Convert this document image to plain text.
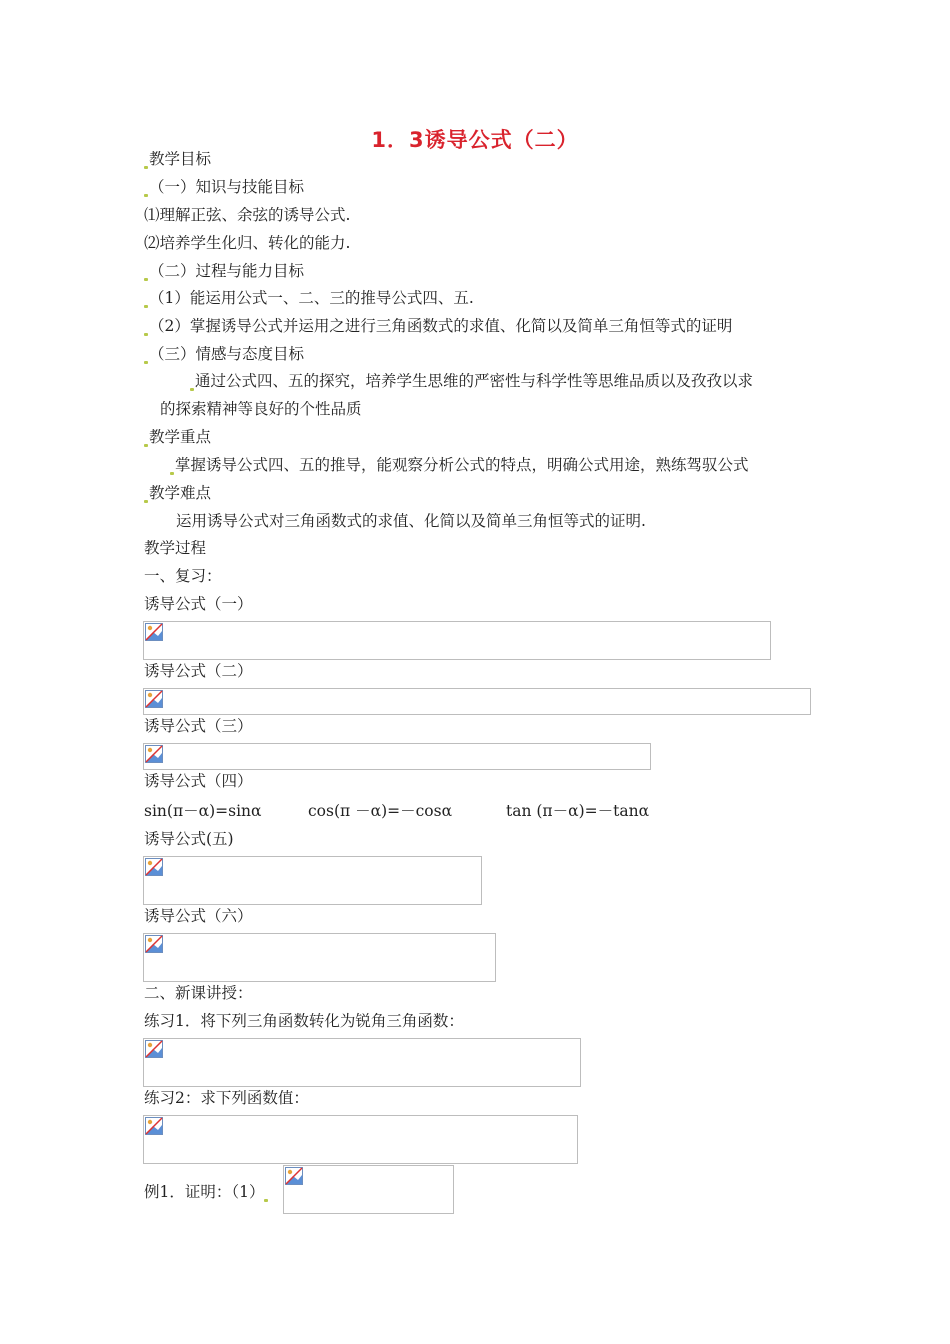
1．3诱导公式（二）
教学目标
（一）知识与技能目标
⑴理解正弦、余弦的诱导公式.
⑵培养学生化归、转化的能力.
（二）过程与能力目标
（1）能运用公式一、二、三的推导公式四、五.
（2）掌握诱导公式并运用之进行三角函数式的求值、化简以及简单三角恒等式的证明
（三）情感与态度目标
通过公式四、五的探究，培养学生思维的严密性与科学性等思维品质以及孜孜以求
的探索精神等良好的个性品质
教学重点
掌握诱导公式四、五的推导，能观察分析公式的特点，明确公式用途，熟练驾驭公式
教学难点
运用诱导公式对三角函数式的求值、化简以及简单三角恒等式的证明.
教学过程
一、复习：
诱导公式（一）
诱导公式（二）
诱导公式（三）
诱导公式（四）
sin(π－α)=sinα	cos(π －α)=－cosα	tan (π－α)=－tanα
诱导公式(五)
诱导公式（六）
二、新课讲授：
练习1．将下列三角函数转化为锐角三角函数：
练习2：求下列函数值：
例1．证明：（1）
